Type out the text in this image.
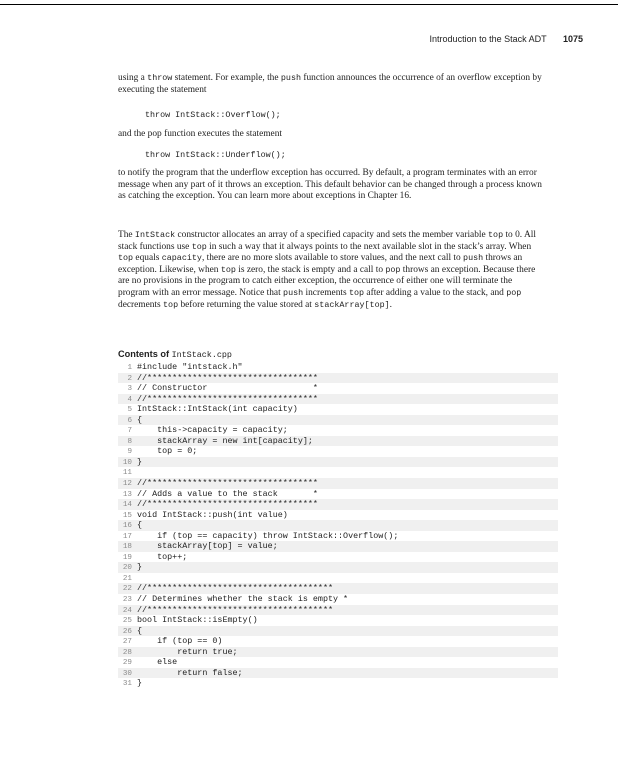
Introduction to the Stack ADT 1075
using a throw statement. For example, the push function announces the occurrence of an overflow exception by executing the statement
throw IntStack::Overflow();
and the pop function executes the statement
throw IntStack::Underflow();
to notify the program that the underflow exception has occurred. By default, a program terminates with an error message when any part of it throws an exception. This default behavior can be changed through a process known as catching the exception. You can learn more about exceptions in Chapter 16.
The IntStack constructor allocates an array of a specified capacity and sets the member variable top to 0. All stack functions use top in such a way that it always points to the next available slot in the stack’s array. When top equals capacity, there are no more slots available to store values, and the next call to push throws an exception. Likewise, when top is zero, the stack is empty and a call to pop throws an exception. Because there are no provisions in the program to catch either exception, the occurrence of either one will terminate the program with an error message. Notice that push increments top after adding a value to the stack, and pop decrements top before returning the value stored at stackArray[top].
Contents of IntStack.cpp
1 #include "intstack.h"
2 //**********************************
3 // Constructor                     *
4 //**********************************
5 IntStack::IntStack(int capacity)
6 {
7    this->capacity = capacity;
8    stackArray = new int[capacity];
9    top = 0;
10 }
11
12 //**********************************
13 // Adds a value to the stack       *
14 //**********************************
15 void IntStack::push(int value)
16 {
17    if (top == capacity) throw IntStack::Overflow();
18    stackArray[top] = value;
19    top++;
20 }
21
22 //*************************************
23 // Determines whether the stack is empty *
24 //*************************************
25 bool IntStack::isEmpty()
26 {
27    if (top == 0)
28        return true;
29    else
30        return false;
31 }
